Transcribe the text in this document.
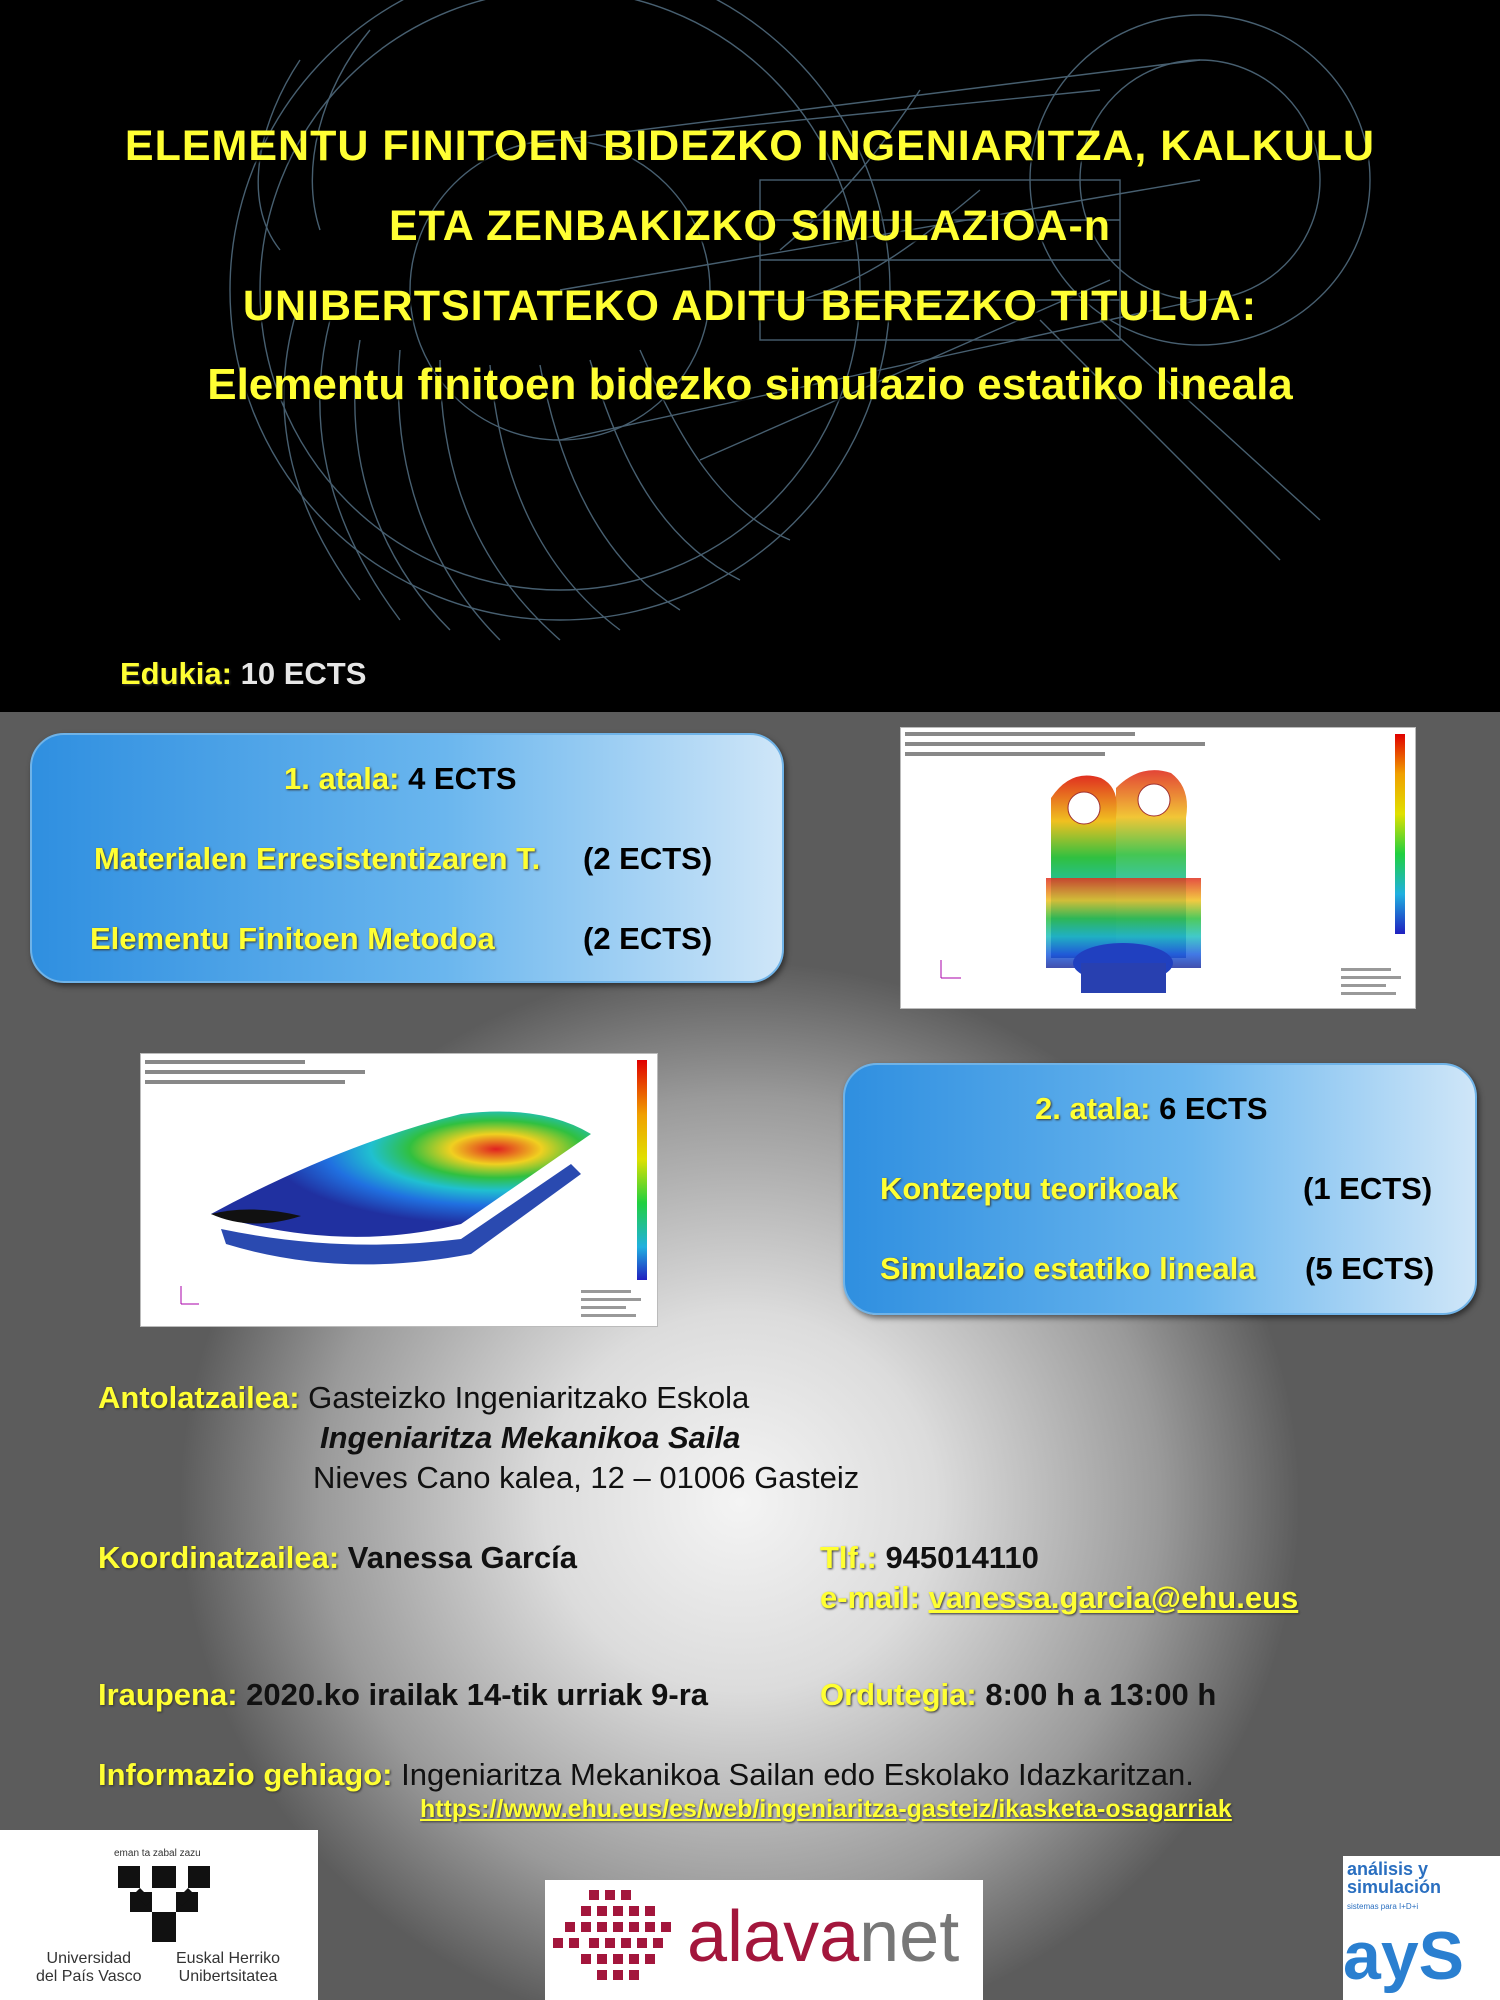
ELEMENTU FINITOEN BIDEZKO INGENIARITZA, KALKULU
ETA ZENBAKIZKO SIMULAZIOA-n
UNIBERTSITATEKO ADITU BEREZKO TITULUA:
Elementu finitoen bidezko simulazio estatiko lineala
Edukia: 10 ECTS
1. atala: 4 ECTS
Materialen Erresistentizaren T. (2 ECTS)
Elementu Finitoen Metodoa	(2 ECTS)
2. atala: 6 ECTS
Kontzeptu teorikoak	(1 ECTS)
Simulazio estatiko lineala (5 ECTS)
Antolatzailea: Gasteizko Ingeniaritzako Eskola
Ingeniaritza Mekanikoa Saila
Nieves Cano kalea, 12 – 01006 Gasteiz
Koordinatzailea: Vanessa García	Tlf.: 945014110
e-mail: vanessa.garcia@ehu.eus
Iraupena: 2020.ko irailak 14-tik urriak 9-ra	Ordutegia: 8:00 h a 13:00 h
Informazio gehiago: Ingeniaritza Mekanikoa Sailan edo Eskolako Idazkaritzan.
https://www.ehu.eus/es/web/ingeniaritza-gasteiz/ikasketa-osagarriak
eman ta zabal zazu
Universidad
del País Vasco
Euskal Herriko
Unibertsitatea	alavanet
análisis y
simulación
sistemas para I+D+i
ayS
